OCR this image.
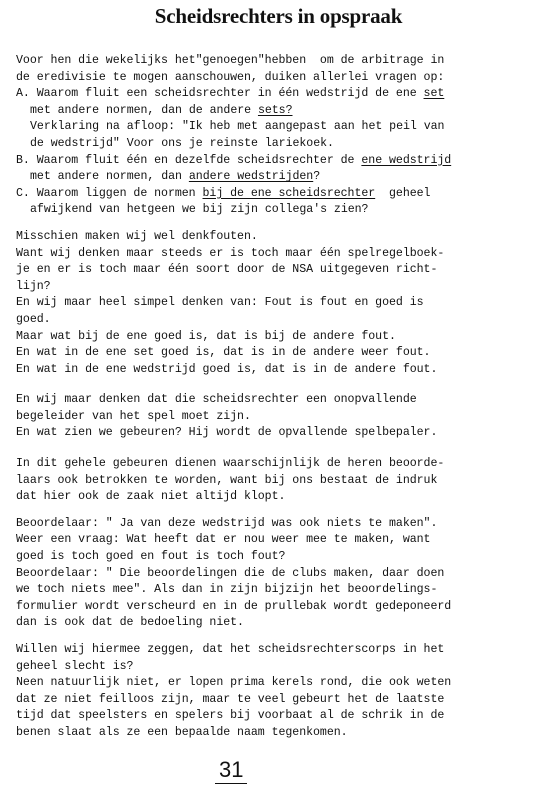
Scheidsrechters in opspraak
Voor hen die wekelijks het"genoegen"hebben  om de arbitrage in
de eredivisie te mogen aanschouwen, duiken allerlei vragen op:
A. Waarom fluit een scheidsrechter in één wedstrijd de ene set
met andere normen, dan de andere sets?
Verklaring na afloop: "Ik heb met aangepast aan het peil van
de wedstrijd" Voor ons je reinste lariekoek.
B. Waarom fluit één en dezelfde scheidsrechter de ene wedstrijd
met andere normen, dan andere wedstrijden?
C. Waarom liggen de normen bij de ene scheidsrechter  geheel
afwijkend van hetgeen we bij zijn collega's zien?
Misschien maken wij wel denkfouten.
Want wij denken maar steeds er is toch maar één spelregelboek-
je en er is toch maar één soort door de NSA uitgegeven richt-
lijn?
En wij maar heel simpel denken van: Fout is fout en goed is
goed.
Maar wat bij de ene goed is, dat is bij de andere fout.
En wat in de ene set goed is, dat is in de andere weer fout.
En wat in de ene wedstrijd goed is, dat is in de andere fout.
En wij maar denken dat die scheidsrechter een onopvallende
begeleider van het spel moet zijn.
En wat zien we gebeuren? Hij wordt de opvallende spelbepaler.
In dit gehele gebeuren dienen waarschijnlijk de heren beoorde-
laars ook betrokken te worden, want bij ons bestaat de indruk
dat hier ook de zaak niet altijd klopt.
Beoordelaar: " Ja van deze wedstrijd was ook niets te maken".
Weer een vraag: Wat heeft dat er nou weer mee te maken, want
goed is toch goed en fout is toch fout?
Beoordelaar: " Die beoordelingen die de clubs maken, daar doen
we toch niets mee". Als dan in zijn bijzijn het beoordelings-
formulier wordt verscheurd en in de prullebak wordt gedeponeerd
dan is ook dat de bedoeling niet.
Willen wij hiermee zeggen, dat het scheidsrechterscorps in het
geheel slecht is?
Neen natuurlijk niet, er lopen prima kerels rond, die ook weten
dat ze niet feilloos zijn, maar te veel gebeurt het de laatste
tijd dat speelsters en spelers bij voorbaat al de schrik in de
benen slaat als ze een bepaalde naam tegenkomen.
31
